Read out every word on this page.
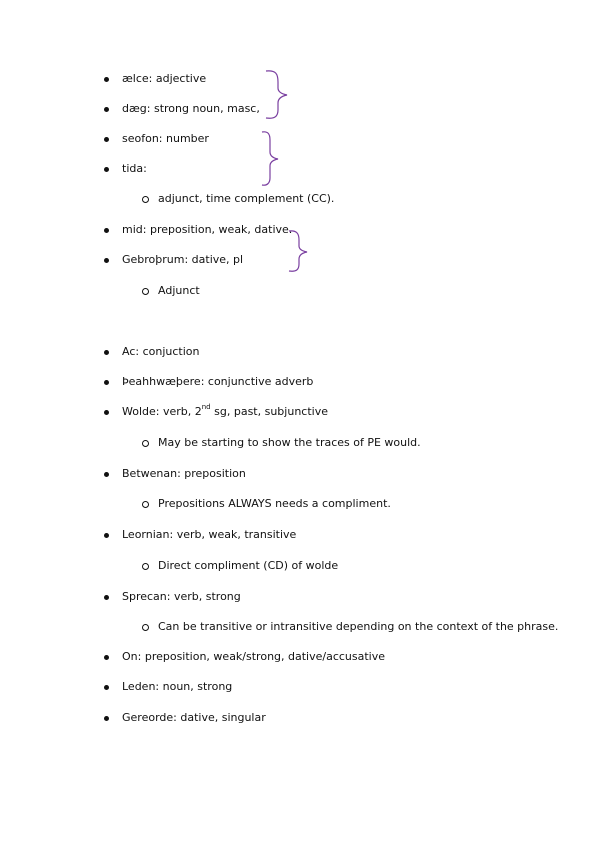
ælce: adjective
dæg: strong noun, masc,
seofon: number
tida:
adjunct, time complement (CC).
mid: preposition, weak, dative.
Gebroþrum: dative, pl
Adjunct
Ac: conjuction
Þeahhwæþere: conjunctive adverb
Wolde: verb, 2nd sg, past, subjunctive
May be starting to show the traces of PE would.
Betwenan: preposition
Prepositions ALWAYS needs a compliment.
Leornian: verb, weak, transitive
Direct compliment (CD) of wolde
Sprecan: verb, strong
Can be transitive or intransitive depending on the context of the phrase.
On: preposition, weak/strong, dative/accusative
Leden: noun, strong
Gereorde: dative, singular
